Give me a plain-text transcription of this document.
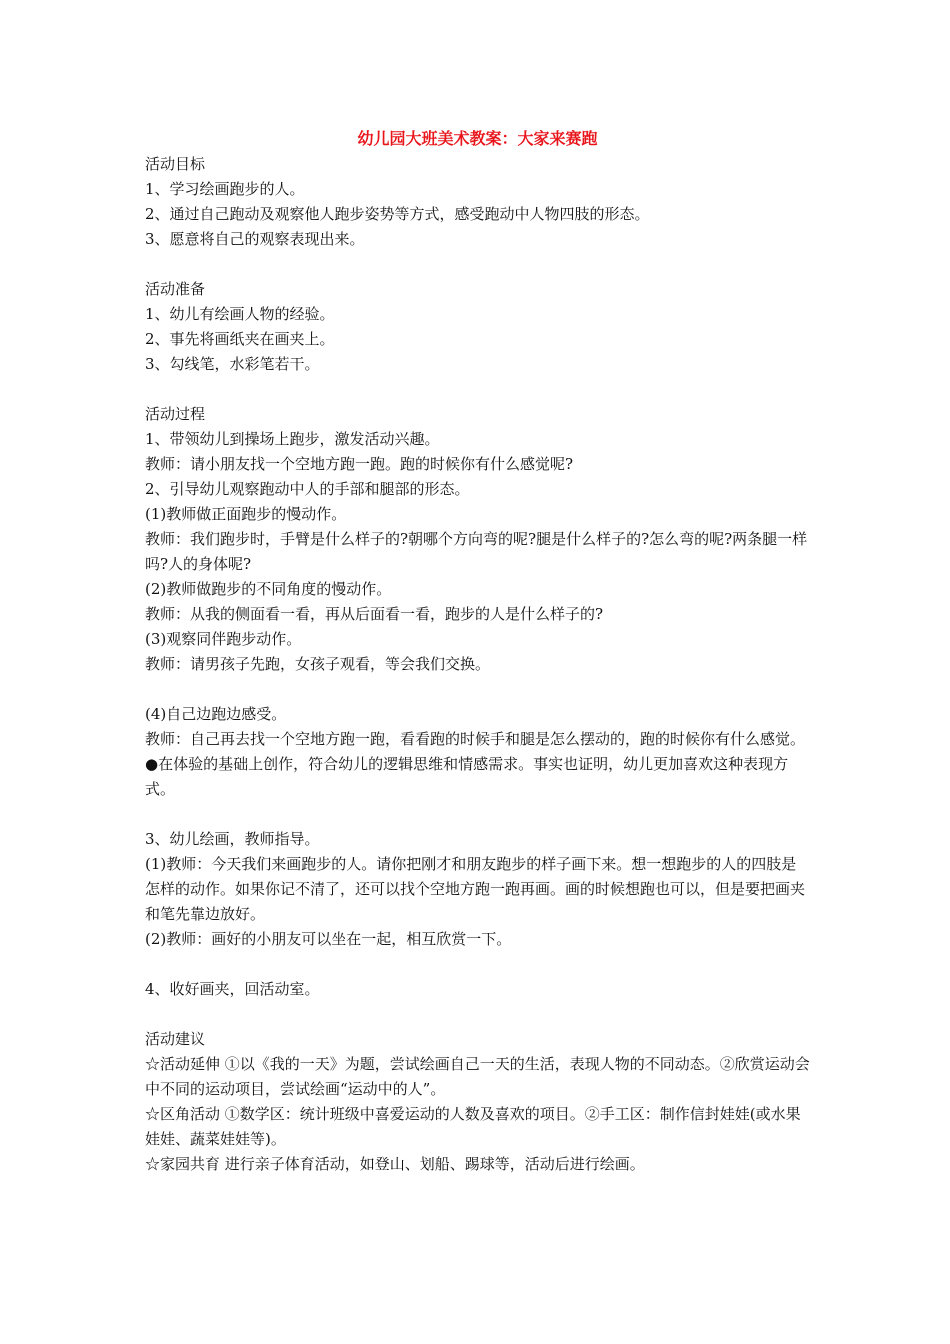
幼儿园大班美术教案：大家来赛跑

活动目标

1、学习绘画跑步的人。

2、通过自己跑动及观察他人跑步姿势等方式，感受跑动中人物四肢的形态。

3、愿意将自己的观察表现出来。

活动准备

1、幼儿有绘画人物的经验。

2、事先将画纸夹在画夹上。

3、勾线笔，水彩笔若干。

活动过程

1、带领幼儿到操场上跑步，激发活动兴趣。

教师：请小朋友找一个空地方跑一跑。跑的时候你有什么感觉呢?

2、引导幼儿观察跑动中人的手部和腿部的形态。

(1)教师做正面跑步的慢动作。

教师：我们跑步时，手臂是什么样子的?朝哪个方向弯的呢?腿是什么样子的?怎么弯的呢?两条腿一样吗?人的身体呢?

(2)教师做跑步的不同角度的慢动作。

教师：从我的侧面看一看，再从后面看一看，跑步的人是什么样子的?

(3)观察同伴跑步动作。

教师：请男孩子先跑，女孩子观看，等会我们交换。

(4)自己边跑边感受。

教师：自己再去找一个空地方跑一跑，看看跑的时候手和腿是怎么摆动的，跑的时候你有什么感觉。

●在体验的基础上创作，符合幼儿的逻辑思维和情感需求。事实也证明，幼儿更加喜欢这种表现方式。

3、幼儿绘画，教师指导。

(1)教师：今天我们来画跑步的人。请你把刚才和朋友跑步的样子画下来。想一想跑步的人的四肢是怎样的动作。如果你记不清了，还可以找个空地方跑一跑再画。画的时候想跑也可以，但是要把画夹和笔先靠边放好。

(2)教师：画好的小朋友可以坐在一起，相互欣赏一下。

4、收好画夹，回活动室。

活动建议

☆活动延伸 ①以《我的一天》为题，尝试绘画自己一天的生活，表现人物的不同动态。②欣赏运动会中不同的运动项目，尝试绘画“运动中的人”。

☆区角活动 ①数学区：统计班级中喜爱运动的人数及喜欢的项目。②手工区：制作信封娃娃(或水果娃娃、蔬菜娃娃等)。

☆家园共育 进行亲子体育活动，如登山、划船、踢球等，活动后进行绘画。
